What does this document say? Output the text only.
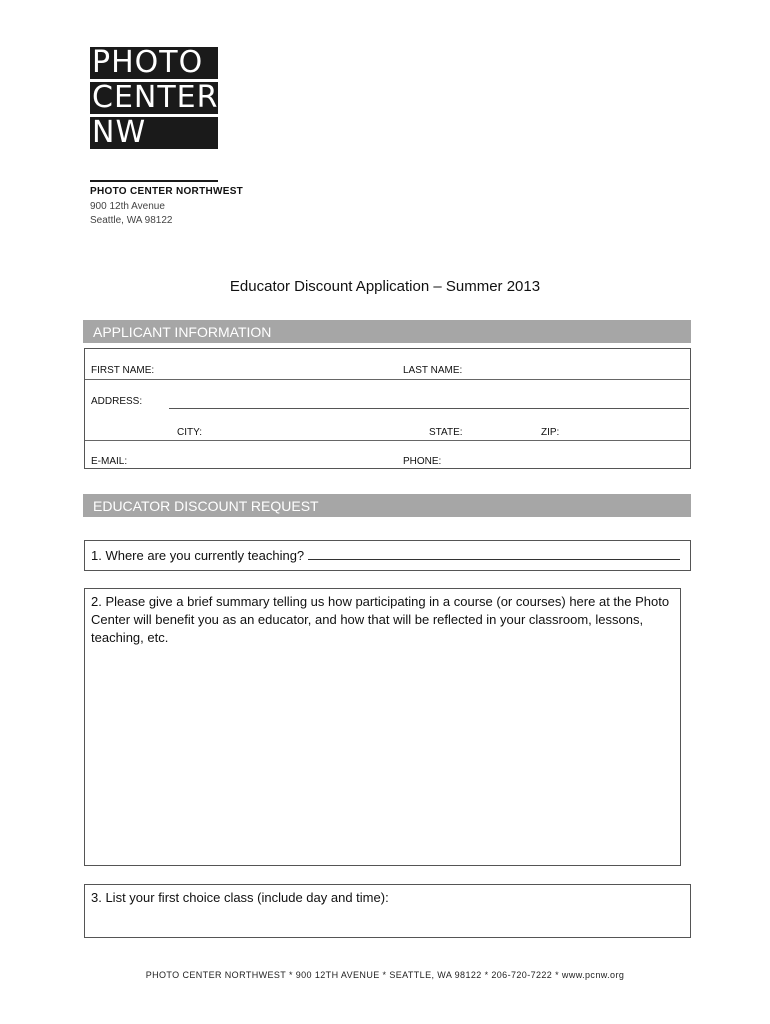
PHOTO
CENTER
NW
PHOTO CENTER NORTHWEST
900 12th Avenue
Seattle, WA 98122
Educator Discount Application – Summer 2013
APPLICANT INFORMATION
FIRST NAME:	LAST NAME:
ADDRESS:
CITY:	STATE:	ZIP:
E-MAIL:	PHONE:
EDUCATOR DISCOUNT REQUEST
1. Where are you currently teaching?
2. Please give a brief summary telling us how participating in a course (or courses) here at the Photo Center will benefit you as an educator, and how that will be reflected in your classroom, lessons, teaching, etc.
3. List your first choice class (include day and time):
PHOTO CENTER NORTHWEST * 900 12TH AVENUE * SEATTLE, WA 98122 * 206-720-7222 * www.pcnw.org
